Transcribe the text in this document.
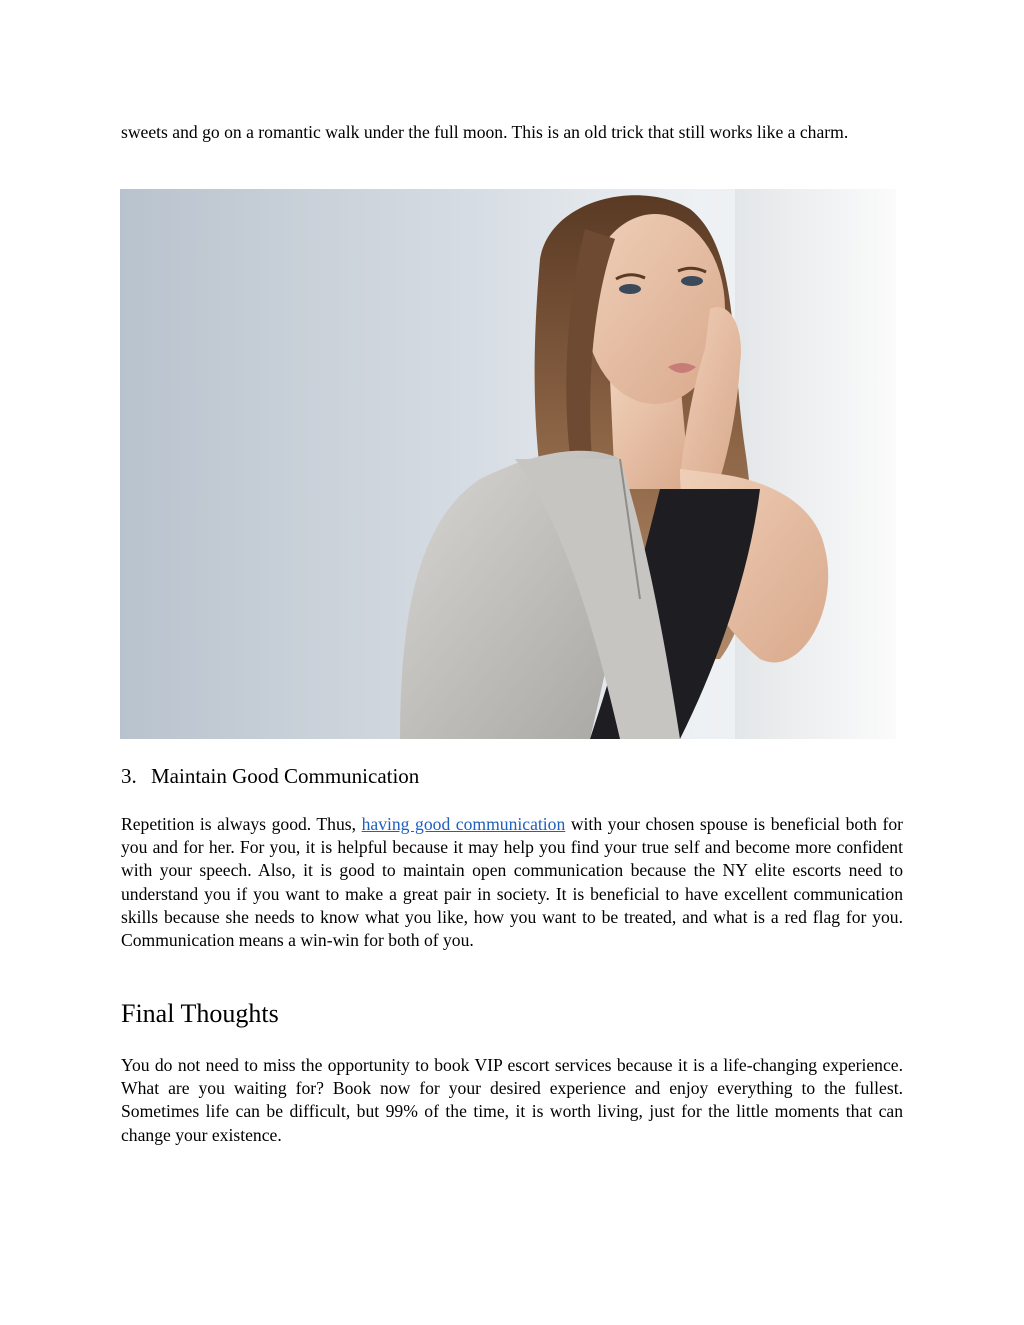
sweets and go on a romantic walk under the full moon. This is an old trick that still works like a charm.

3. Maintain Good Communication

Repetition is always good. Thus, having good communication with your chosen spouse is beneficial both for you and for her. For you, it is helpful because it may help you find your true self and become more confident with your speech. Also, it is good to maintain open communication because the NY elite escorts need to understand you if you want to make a great pair in society. It is beneficial to have excellent communication skills because she needs to know what you like, how you want to be treated, and what is a red flag for you. Communication means a win-win for both of you.

Final Thoughts

You do not need to miss the opportunity to book VIP escort services because it is a life-changing experience. What are you waiting for? Book now for your desired experience and enjoy everything to the fullest. Sometimes life can be difficult, but 99% of the time, it is worth living, just for the little moments that can change your existence.
